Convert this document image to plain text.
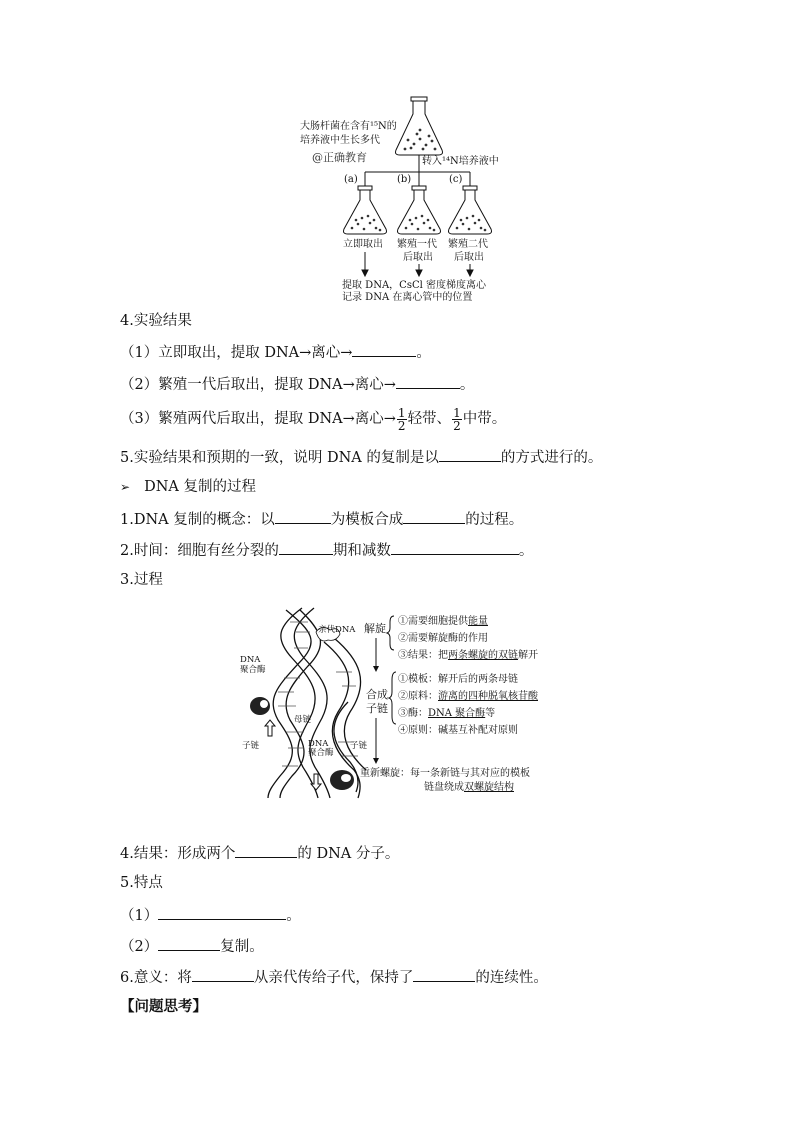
大肠杆菌在含有¹⁵N的
培养液中生长多代
@正确教育	转入¹⁴N培养液中
(a)	(b)	(c)
立即取出 繁殖一代
后取出
繁殖二代
后取出
提取 DNA，CsCl 密度梯度离心
记录 DNA 在离心管中的位置
4.实验结果
（1）立即取出，提取 DNA→离心→	。
（2）繁殖一代后取出，提取 DNA→离心→	。
（3）繁殖两代后取出，提取 DNA→离心→ $\frac{1}{2}$ 轻带、 $\frac{1}{2}$ 中带。
5.实验结果和预期的一致，说明 DNA 的复制是以	的方式进行的。
➢ DNA 复制的过程
1.DNA 复制的概念：以	为模板合成	的过程。
2.时间：细胞有丝分裂的	期和减数	。
3.过程
亲代DNA
DNA
聚合酶
母链
子链	子链
DNA
聚合酶
解旋
①需要细胞提供能量
②需要解旋酶的作用
③结果：把两条螺旋的双链解开
合成
子链
①模板：解开后的两条母链
②原料：游离的四种脱氧核苷酸
③酶：DNA 聚合酶等
④原则：碱基互补配对原则
重新螺旋：每一条新链与其对应的模板
链盘绕成双螺旋结构
4.结果：形成两个	的 DNA 分子。
5.特点
（1）	。
（2）	复制。
6.意义：将	从亲代传给子代，保持了	的连续性。
【问题思考】
